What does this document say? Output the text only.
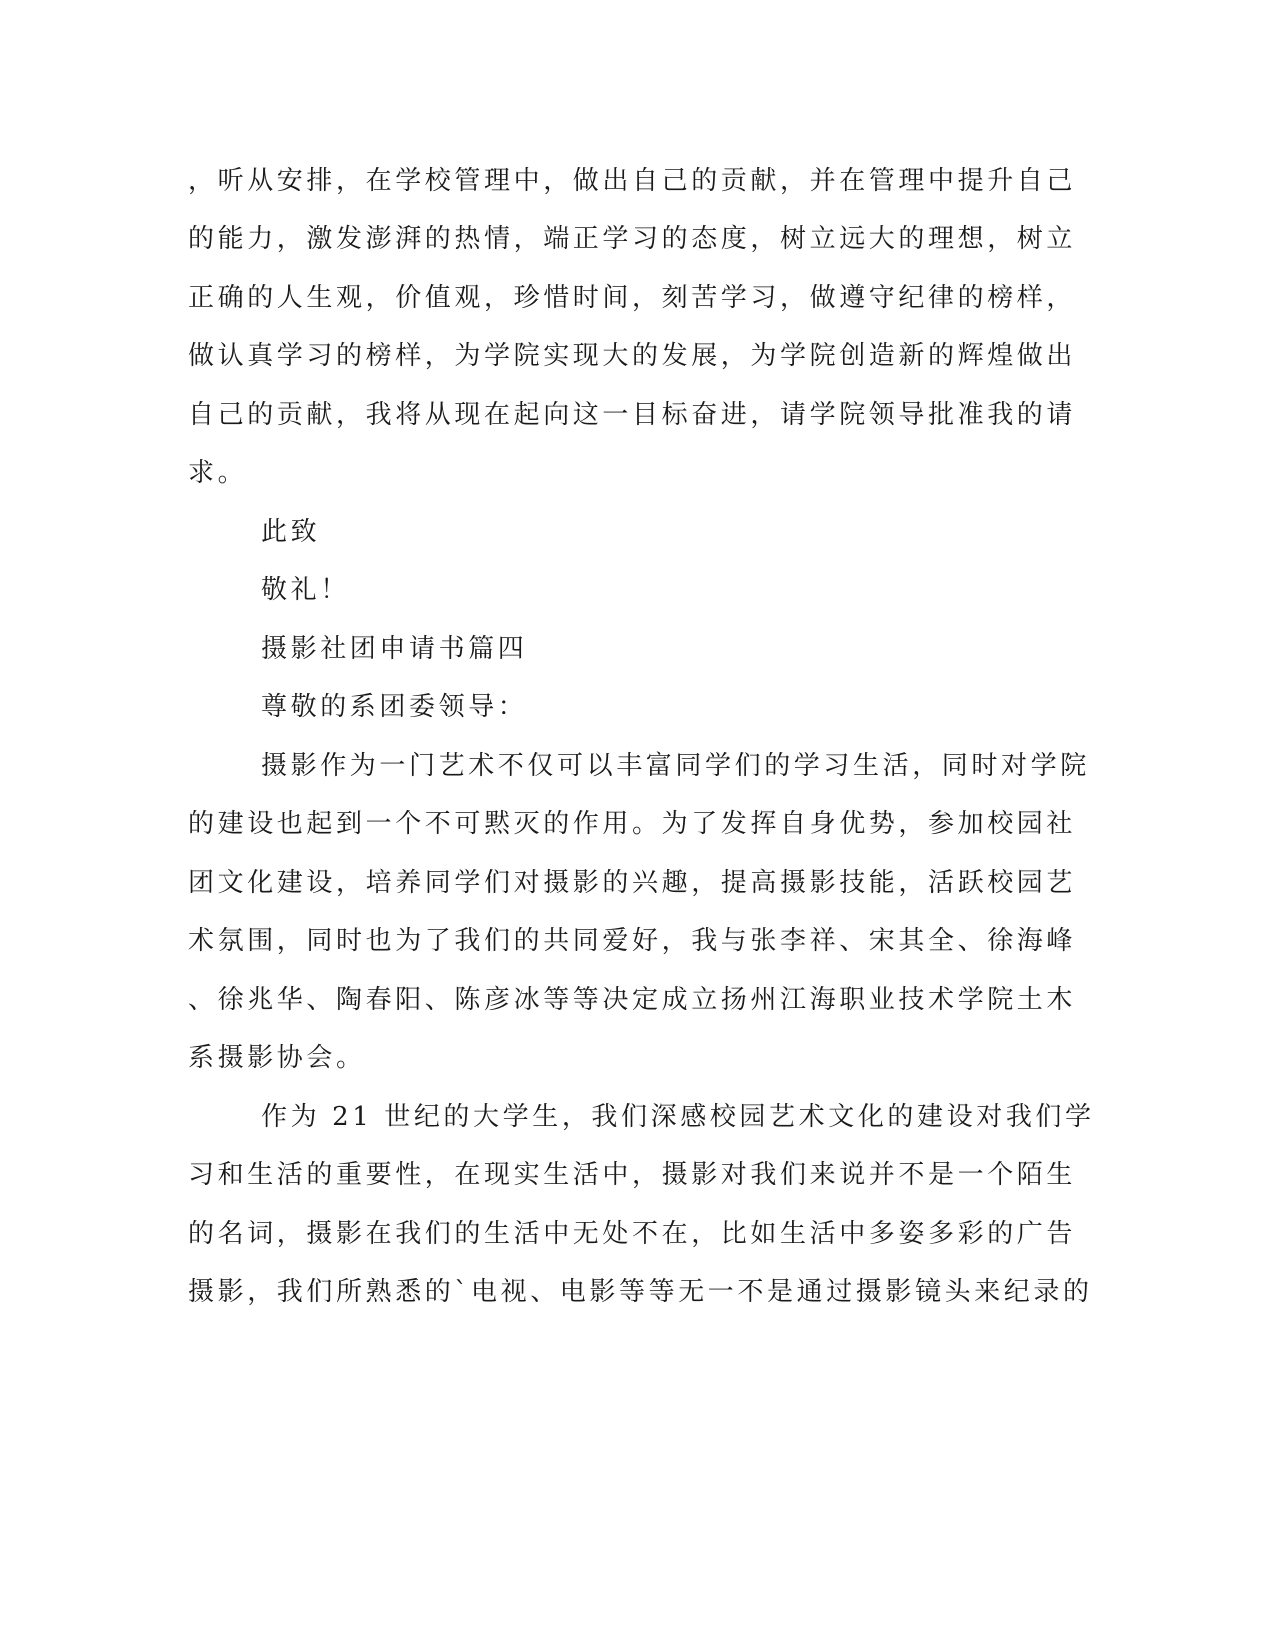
，听从安排，在学校管理中，做出自己的贡献，并在管理中提升自己
的能力，激发澎湃的热情，端正学习的态度，树立远大的理想，树立
正确的人生观，价值观，珍惜时间，刻苦学习，做遵守纪律的榜样，
做认真学习的榜样，为学院实现大的发展，为学院创造新的辉煌做出
自己的贡献，我将从现在起向这一目标奋进，请学院领导批准我的请
求。
此致
敬礼！
摄影社团申请书篇四
尊敬的系团委领导：
摄影作为一门艺术不仅可以丰富同学们的学习生活，同时对学院
的建设也起到一个不可黙灭的作用。为了发挥自身优势，参加校园社
团文化建设，培养同学们对摄影的兴趣，提高摄影技能，活跃校园艺
术氛围，同时也为了我们的共同爱好，我与张李祥、宋其全、徐海峰
、徐兆华、陶春阳、陈彦冰等等决定成立扬州江海职业技术学院土木
系摄影协会。
作为 21 世纪的大学生，我们深感校园艺术文化的建设对我们学
习和生活的重要性，在现实生活中，摄影对我们来说并不是一个陌生
的名词，摄影在我们的生活中无处不在，比如生活中多姿多彩的广告
摄影，我们所熟悉的`电视、电影等等无一不是通过摄影镜头来纪录的
